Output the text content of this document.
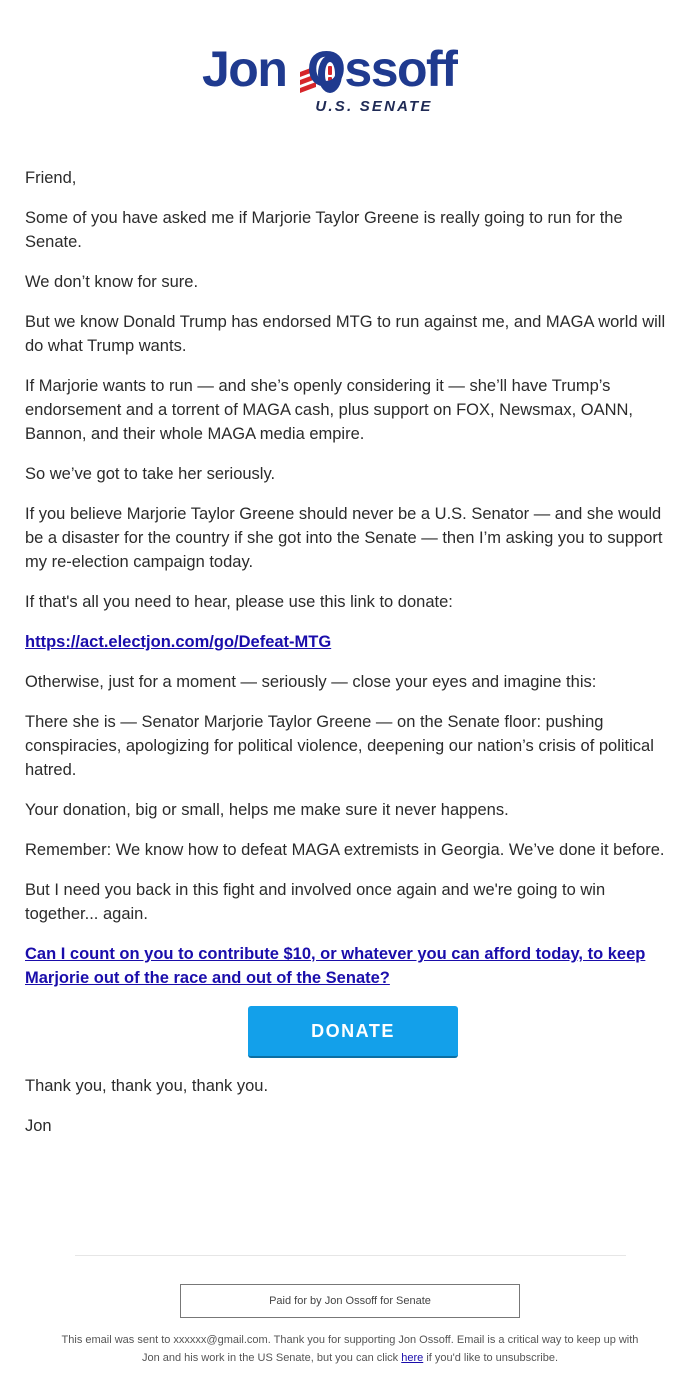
Jon Ossoff
U.S. SENATE

Friend,

Some of you have asked me if Marjorie Taylor Greene is really going to run for the Senate.

We don’t know for sure.

But we know Donald Trump has endorsed MTG to run against me, and MAGA world will do what Trump wants.

If Marjorie wants to run — and she’s openly considering it — she’ll have Trump’s endorsement and a torrent of MAGA cash, plus support on FOX, Newsmax, OANN, Bannon, and their whole MAGA media empire.

So we’ve got to take her seriously.

If you believe Marjorie Taylor Greene should never be a U.S. Senator — and she would be a disaster for the country if she got into the Senate — then I’m asking you to support my re-election campaign today.

If that's all you need to hear, please use this link to donate:

https://act.electjon.com/go/Defeat-MTG

Otherwise, just for a moment — seriously — close your eyes and imagine this:

There she is — Senator Marjorie Taylor Greene — on the Senate floor: pushing conspiracies, apologizing for political violence, deepening our nation’s crisis of political hatred.

Your donation, big or small, helps me make sure it never happens.

Remember: We know how to defeat MAGA extremists in Georgia. We’ve done it before.

But I need you back in this fight and involved once again and we're going to win together... again.

Can I count on you to contribute $10, or whatever you can afford today, to keep Marjorie out of the race and out of the Senate?

DONATE

Thank you, thank you, thank you.

Jon

Paid for by Jon Ossoff for Senate
This email was sent to xxxxxx@gmail.com. Thank you for supporting Jon Ossoff. Email is a critical way to keep up with Jon and his work in the US Senate, but you can click here if you'd like to unsubscribe.
